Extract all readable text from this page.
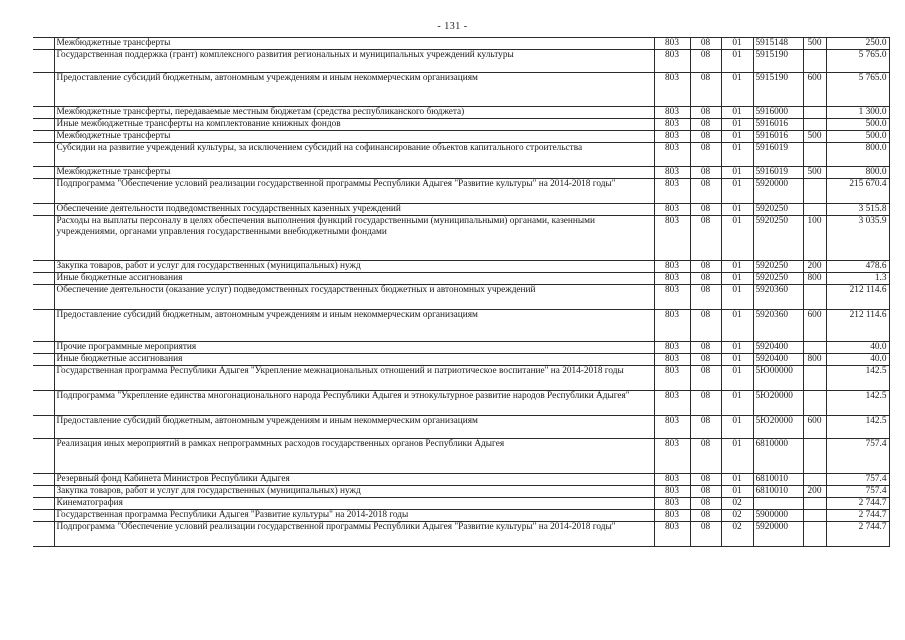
- 131 -
	Межбюджетные трансферты	803	08	01	5915148	500	250.0
	Государственная поддержка (грант) комплексного развития региональных и муниципальных учреждений культуры	803	08	01	5915190		5 765.0
	Предоставление субсидий бюджетным, автономным учреждениям и иным некоммерческим организациям	803	08	01	5915190	600	5 765.0
	Межбюджетные трансферты, передаваемые местным бюджетам (средства республиканского бюджета)	803	08	01	5916000		1 300.0
	Иные межбюджетные трансферты на комплектование книжных фондов	803	08	01	5916016		500.0
	Межбюджетные трансферты	803	08	01	5916016	500	500.0
	Субсидии на развитие учреждений культуры, за исключением субсидий на софинансирование объектов капитального строительства	803	08	01	5916019		800.0
	Межбюджетные трансферты	803	08	01	5916019	500	800.0
	Подпрограмма "Обеспечение условий реализации государственной программы Республики Адыгея "Развитие культуры" на 2014-2018 годы"	803	08	01	5920000		215 670.4
	Обеспечение деятельности подведомственных государственных казенных учреждений	803	08	01	5920250		3 515.8
	Расходы на выплаты персоналу в целях обеспечения выполнения функций государственными (муниципальными) органами, казенными учреждениями, органами управления государственными внебюджетными фондами	803	08	01	5920250	100	3 035.9
	Закупка товаров, работ и услуг для государственных (муниципальных) нужд	803	08	01	5920250	200	478.6
	Иные бюджетные ассигнования	803	08	01	5920250	800	1.3
	Обеспечение деятельности (оказание услуг) подведомственных государственных бюджетных и автономных учреждений	803	08	01	5920360		212 114.6
	Предоставление субсидий бюджетным, автономным учреждениям и иным некоммерческим организациям	803	08	01	5920360	600	212 114.6
	Прочие программные мероприятия	803	08	01	5920400		40.0
	Иные бюджетные ассигнования	803	08	01	5920400	800	40.0
	Государственная программа Республики Адыгея "Укрепление межнациональных отношений и патриотическое воспитание" на 2014-2018 годы	803	08	01	5Ю00000		142.5
	Подпрограмма "Укрепление единства многонационального народа Республики Адыгея и этнокультурное развитие народов Республики Адыгея"	803	08	01	5Ю20000		142.5
	Предоставление субсидий бюджетным, автономным учреждениям и иным некоммерческим организациям	803	08	01	5Ю20000	600	142.5
	Реализация иных мероприятий в рамках непрограммных расходов государственных органов Республики Адыгея	803	08	01	6810000		757.4
	Резервный фонд Кабинета Министров Республики Адыгея	803	08	01	6810010		757.4
	Закупка товаров, работ и услуг для государственных (муниципальных) нужд	803	08	01	6810010	200	757.4
	Кинематография	803	08	02			2 744.7
	Государственная программа Республики Адыгея "Развитие культуры" на 2014-2018 годы	803	08	02	5900000		2 744.7
	Подпрограмма "Обеспечение условий реализации государственной программы Республики Адыгея "Развитие культуры" на 2014-2018 годы"	803	08	02	5920000		2 744.7
